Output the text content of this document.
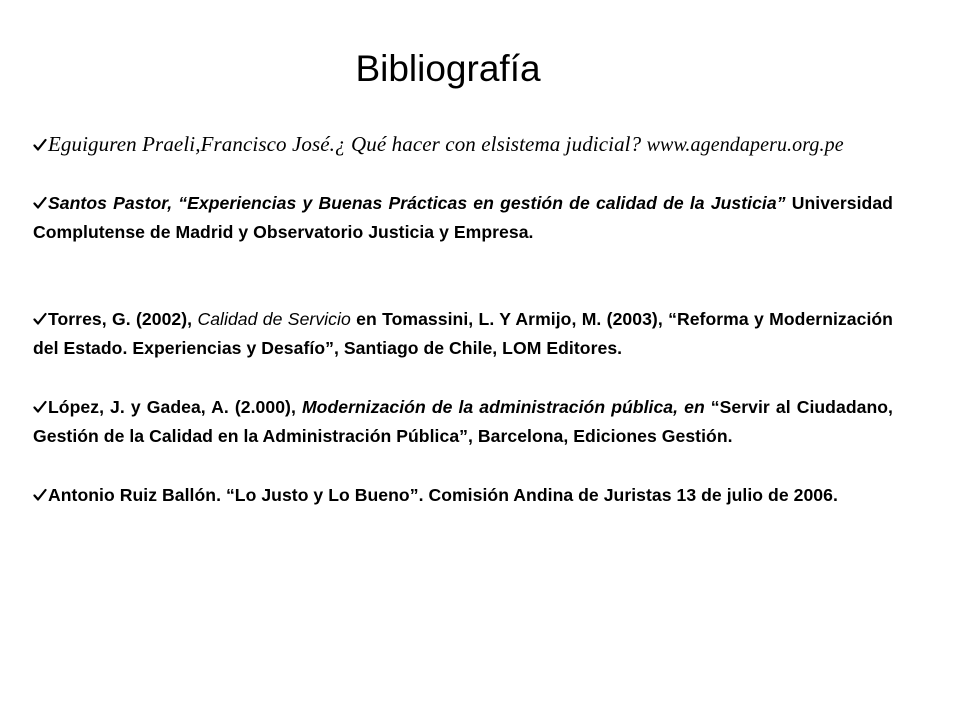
Bibliografía
Eguiguren Praeli,Francisco José.¿ Qué hacer con elsistema judicial? www.agendaperu.org.pe
Santos Pastor, “Experiencias y Buenas Prácticas en gestión de calidad de la Justicia” Universidad Complutense de Madrid y Observatorio Justicia y Empresa.
Torres, G. (2002), Calidad de Servicio en Tomassini, L. Y Armijo, M. (2003), “Reforma y Modernización del Estado. Experiencias y Desafío”, Santiago de Chile, LOM Editores.
López, J. y Gadea, A. (2.000), Modernización de la administración pública, en “Servir al Ciudadano, Gestión de la Calidad en la Administración Pública”, Barcelona, Ediciones Gestión.
Antonio Ruiz Ballón. “Lo Justo y Lo Bueno”. Comisión Andina de Juristas 13 de julio de 2006.
